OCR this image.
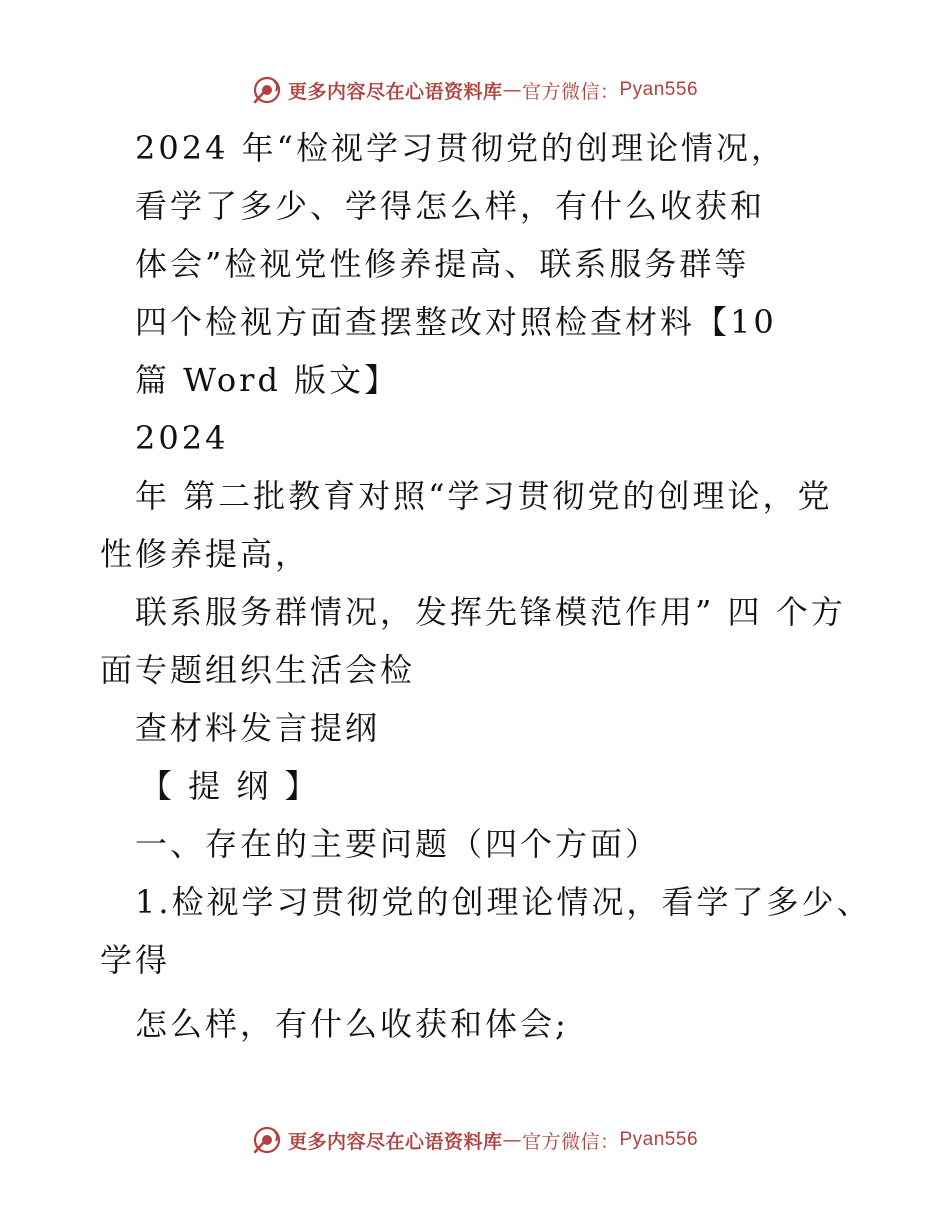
更多内容尽在心语资料库 — 官方微信： Pyan556
2024 年“检视学习贯彻党的创理论情况，
看学了多少、学得怎么样，有什么收获和
体会”检视党性修养提高、联系服务群等
四个检视方面查摆整改对照检查材料【10
篇 Word 版文】
2024
年 第二批教育对照“学习贯彻党的创理论，党
性修养提高，
联系服务群情况，发挥先锋模范作用” 四 个方
面专题组织生活会检
查材料发言提纲
【 提 纲 】
一、存在的主要问题（四个方面）
1.检视学习贯彻党的创理论情况，看学了多少、
学得
怎么样，有什么收获和体会;
更多内容尽在心语资料库 — 官方微信： Pyan556
